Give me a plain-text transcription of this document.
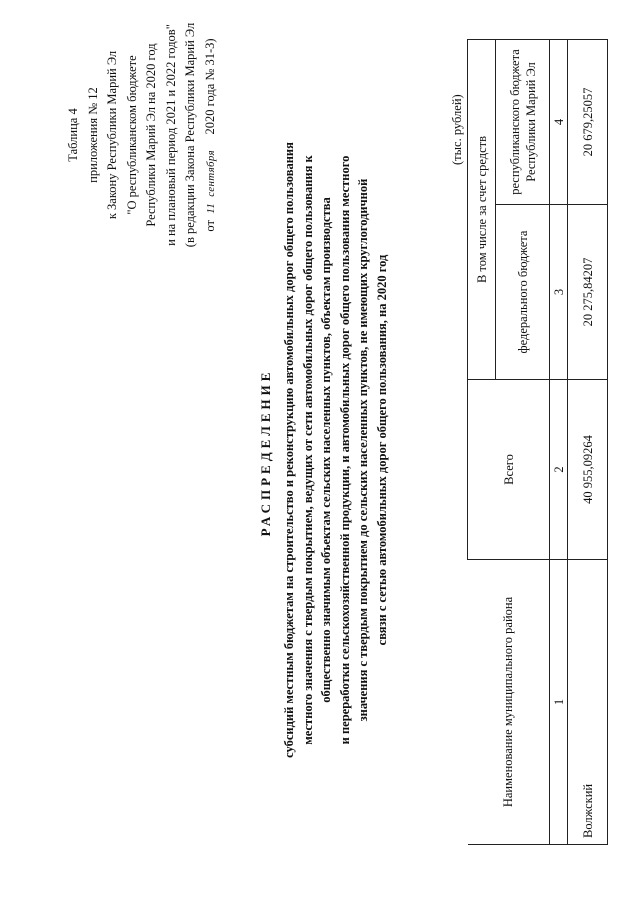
Таблица 4 приложения № 12 к Закону Республики Марий Эл "О республиканском бюджете Республики Марий Эл на 2020 год и на плановый период 2021 и 2022 годов" (в редакции Закона Республики Марий Эл от  11  сентября     2020 года № 31-З)
РАСПРЕДЕЛЕНИЕ субсидий местным бюджетам на строительство и реконструкцию автомобильных дорог общего пользования местного значения с твердым покрытием, ведущих от сети автомобильных дорог общего пользования к общественно значимым объектам сельских населенных пунктов, объектам производства и переработки сельскохозяйственной продукции, и автомобильных дорог общего пользования местного значения с твердым покрытием до сельских населенных пунктов, не имеющих круглогодичной связи с сетью автомобильных дорог общего пользования, на 2020 год
(тыс. рублей)
Наименование муниципального района	Всего	В том числе за счет средств	
		федерального бюджета	республиканского бюджета Республики Марий Эл
1	2	3	4
Волжский	40 955,09264	20 275,84207	20 679,25057
